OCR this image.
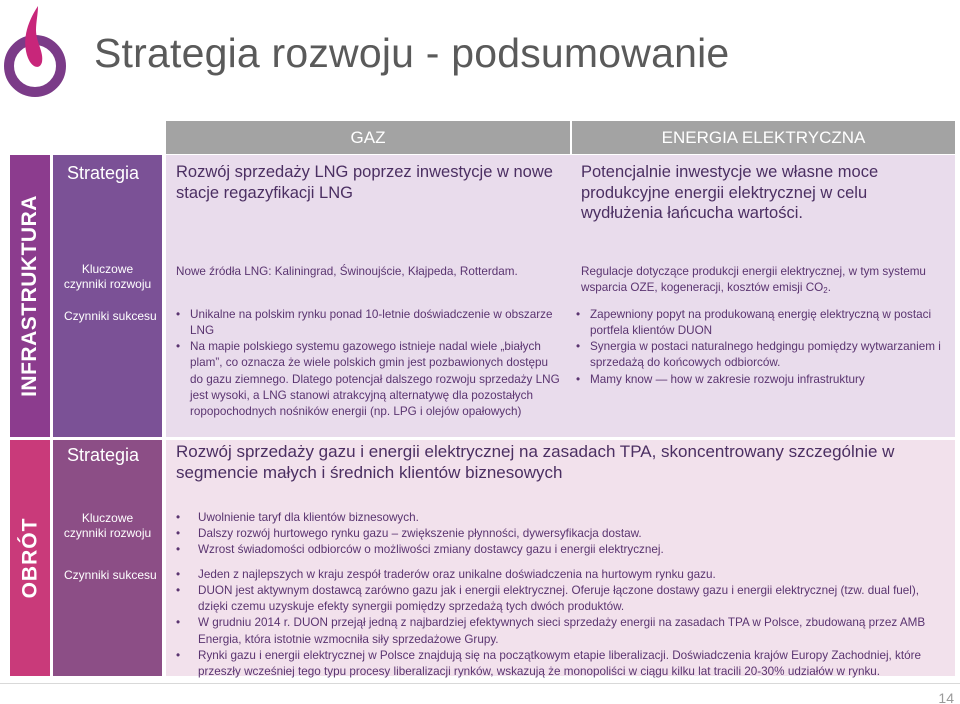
Strategia rozwoju - podsumowanie
GAZ	ENERGIA ELEKTRYCZNA
INFRASTRUKTURA
OBRÓT
Strategia
Kluczowe
czynniki rozwoju
Czynniki sukcesu
Strategia
Kluczowe
czynniki rozwoju
Czynniki sukcesu
Rozwój sprzedaży LNG poprzez inwestycje w nowe stacje regazyfikacji LNG
Potencjalnie inwestycje we własne moce produkcyjne energii elektrycznej w celu wydłużenia łańcucha wartości.
Nowe źródła LNG: Kaliningrad, Świnoujście, Kłajpeda, Rotterdam.	Regulacje dotyczące produkcji energii elektrycznej, w tym systemu wsparcia OZE, kogeneracji, kosztów emisji $CO_2$.
• Unikalne na polskim rynku ponad 10-letnie doświadczenie w obszarze LNG
• Na mapie polskiego systemu gazowego istnieje nadal wiele „białych plam”, co oznacza że wiele polskich gmin jest pozbawionych dostępu do gazu ziemnego. Dlatego potencjał dalszego rozwoju sprzedaży LNG jest wysoki, a LNG stanowi atrakcyjną alternatywę dla pozostałych ropopochodnych nośników energii (np. LPG i olejów opałowych)
• Zapewniony popyt na produkowaną energię elektryczną w postaci portfela klientów DUON
• Synergia w postaci naturalnego hedgingu pomiędzy wytwarzaniem i sprzedażą do końcowych odbiorców.
• Mamy know — how w zakresie rozwoju infrastruktury
Rozwój sprzedaży gazu i energii elektrycznej na zasadach TPA, skoncentrowany szczególnie w segmencie małych i średnich klientów biznesowych
• Uwolnienie taryf dla klientów biznesowych.
• Dalszy rozwój hurtowego rynku gazu – zwiększenie płynności, dywersyfikacja dostaw.
• Wzrost świadomości odbiorców o możliwości zmiany dostawcy gazu i energii elektrycznej.
• Jeden z najlepszych w kraju zespół traderów oraz unikalne doświadczenia na hurtowym rynku gazu.
• DUON jest aktywnym dostawcą zarówno gazu jak i energii elektrycznej. Oferuje łączone dostawy gazu i energii elektrycznej (tzw. dual fuel), dzięki czemu uzyskuje efekty synergii pomiędzy sprzedażą tych dwóch produktów.
• W grudniu 2014 r. DUON przejął jedną z najbardziej efektywnych sieci sprzedaży energii na zasadach TPA w Polsce, zbudowaną przez AMB Energia, która istotnie wzmocniła siły sprzedażowe Grupy.
• Rynki gazu i energii elektrycznej w Polsce znajdują się na początkowym etapie liberalizacji. Doświadczenia krajów Europy Zachodniej, które przeszły wcześniej tego typu procesy liberalizacji rynków, wskazują że monopoliści w ciągu kilku lat tracili 20-30% udziałów w rynku.
14
